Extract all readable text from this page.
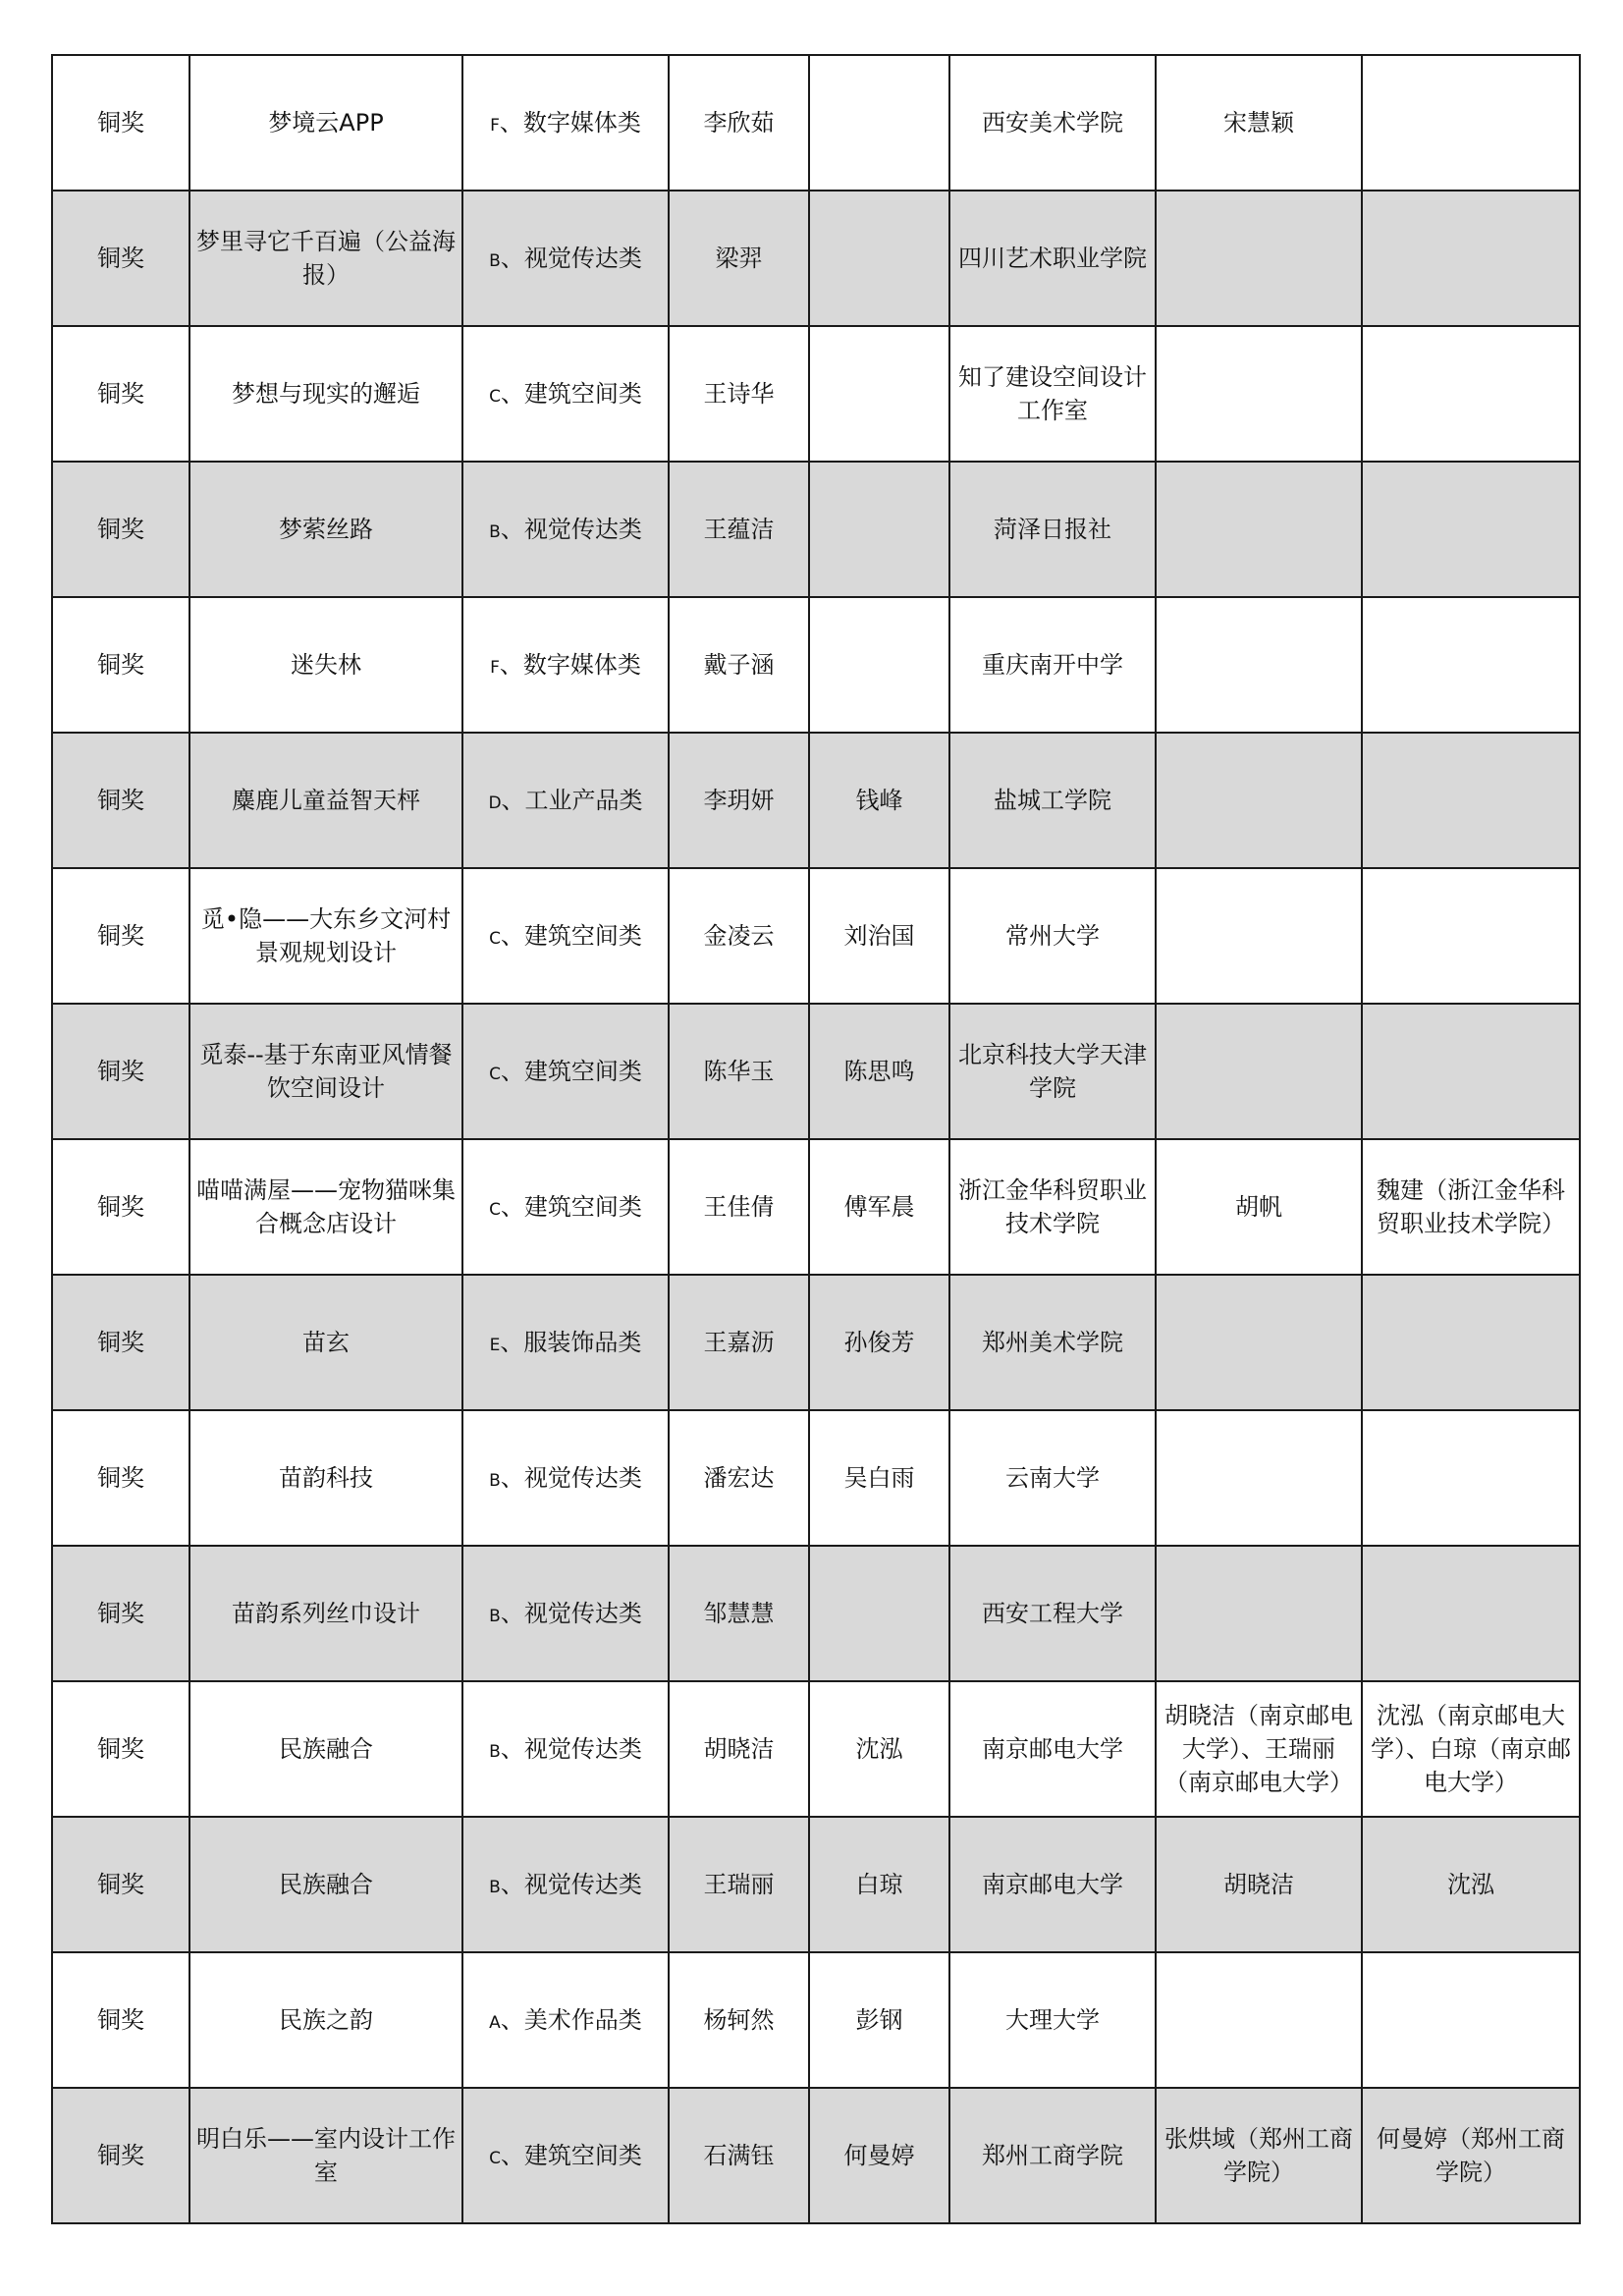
铜奖	梦境云APP	F、数字媒体类	李欣茹		西安美术学院	宋慧颖	
铜奖	梦里寻它千百遍（公益海报）	B、视觉传达类	梁羿		四川艺术职业学院		
铜奖	梦想与现实的邂逅	C、建筑空间类	王诗华		知了建设空间设计工作室		
铜奖	梦萦丝路	B、视觉传达类	王蕴洁		菏泽日报社		
铜奖	迷失林	F、数字媒体类	戴子涵		重庆南开中学		
铜奖	麋鹿儿童益智天枰	D、工业产品类	李玥妍	钱峰	盐城工学院		
铜奖	觅•隐——大东乡文河村景观规划设计	C、建筑空间类	金凌云	刘治国	常州大学		
铜奖	觅泰--基于东南亚风情餐饮空间设计	C、建筑空间类	陈华玉	陈思鸣	北京科技大学天津学院		
铜奖	喵喵满屋——宠物猫咪集合概念店设计	C、建筑空间类	王佳倩	傅军晨	浙江金华科贸职业技术学院	胡帆	魏建（浙江金华科贸职业技术学院）
铜奖	苗玄	E、服装饰品类	王嘉沥	孙俊芳	郑州美术学院		
铜奖	苗韵科技	B、视觉传达类	潘宏达	吴白雨	云南大学		
铜奖	苗韵系列丝巾设计	B、视觉传达类	邹慧慧		西安工程大学		
铜奖	民族融合	B、视觉传达类	胡晓洁	沈泓	南京邮电大学	胡晓洁（南京邮电大学）、王瑞丽（南京邮电大学）	沈泓（南京邮电大学）、白琼（南京邮电大学）
铜奖	民族融合	B、视觉传达类	王瑞丽	白琼	南京邮电大学	胡晓洁	沈泓
铜奖	民族之韵	A、美术作品类	杨轲然	彭钢	大理大学		
铜奖	明白乐——室内设计工作室	C、建筑空间类	石满钰	何曼婷	郑州工商学院	张烘域（郑州工商学院）	何曼婷（郑州工商学院）
